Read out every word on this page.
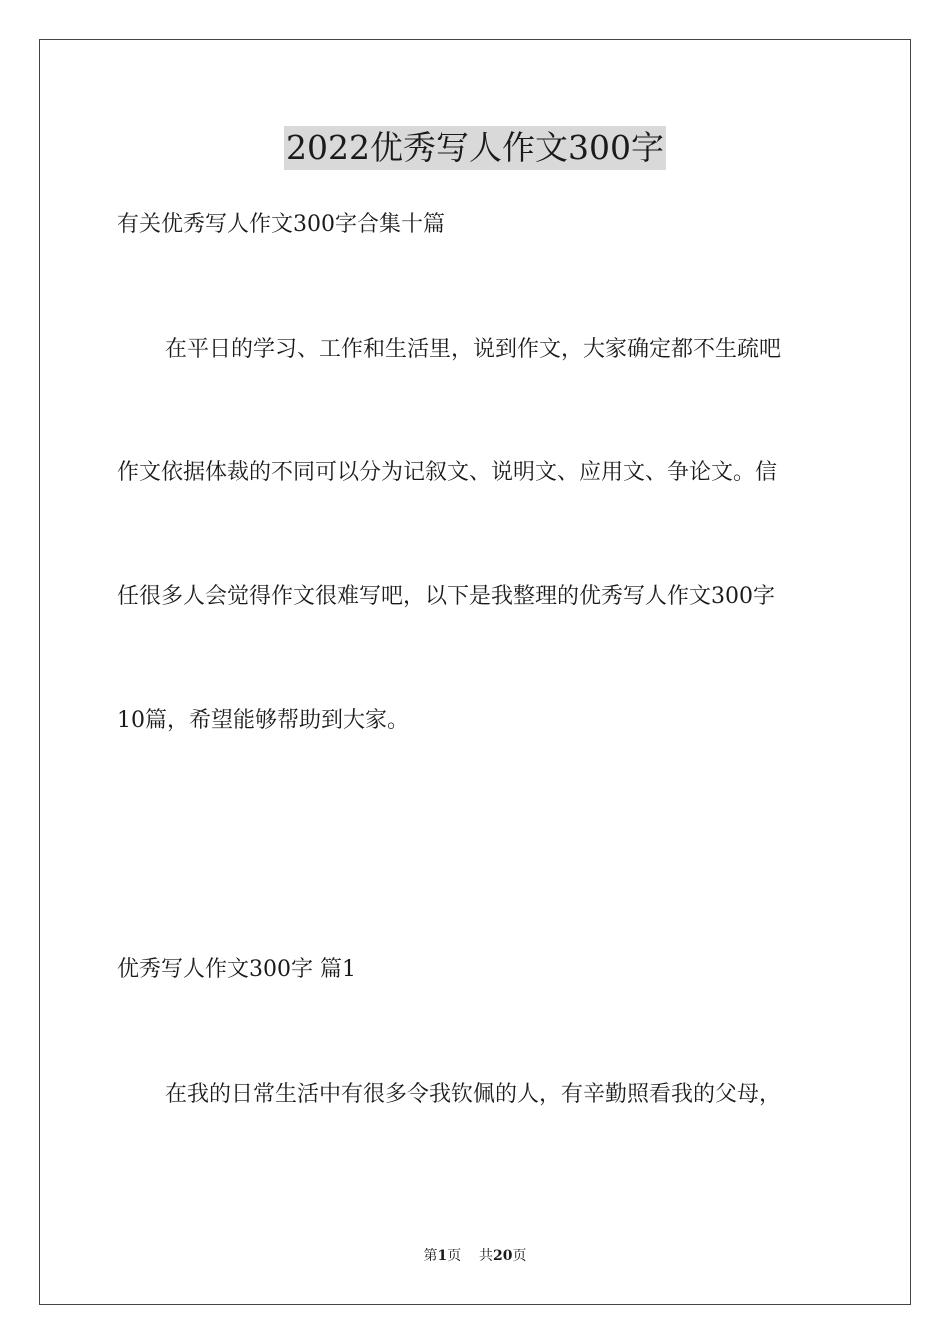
2022优秀写人作文300字
有关优秀写人作文300字合集十篇
在平日的学习、工作和生活里，说到作文，大家确定都不生疏吧
作文依据体裁的不同可以分为记叙文、说明文、应用文、争论文。信
任很多人会觉得作文很难写吧，以下是我整理的优秀写人作文300字
10篇，希望能够帮助到大家。
优秀写人作文300字 篇1
在我的日常生活中有很多令我钦佩的人，有辛勤照看我的父母，
第1页    共20页
